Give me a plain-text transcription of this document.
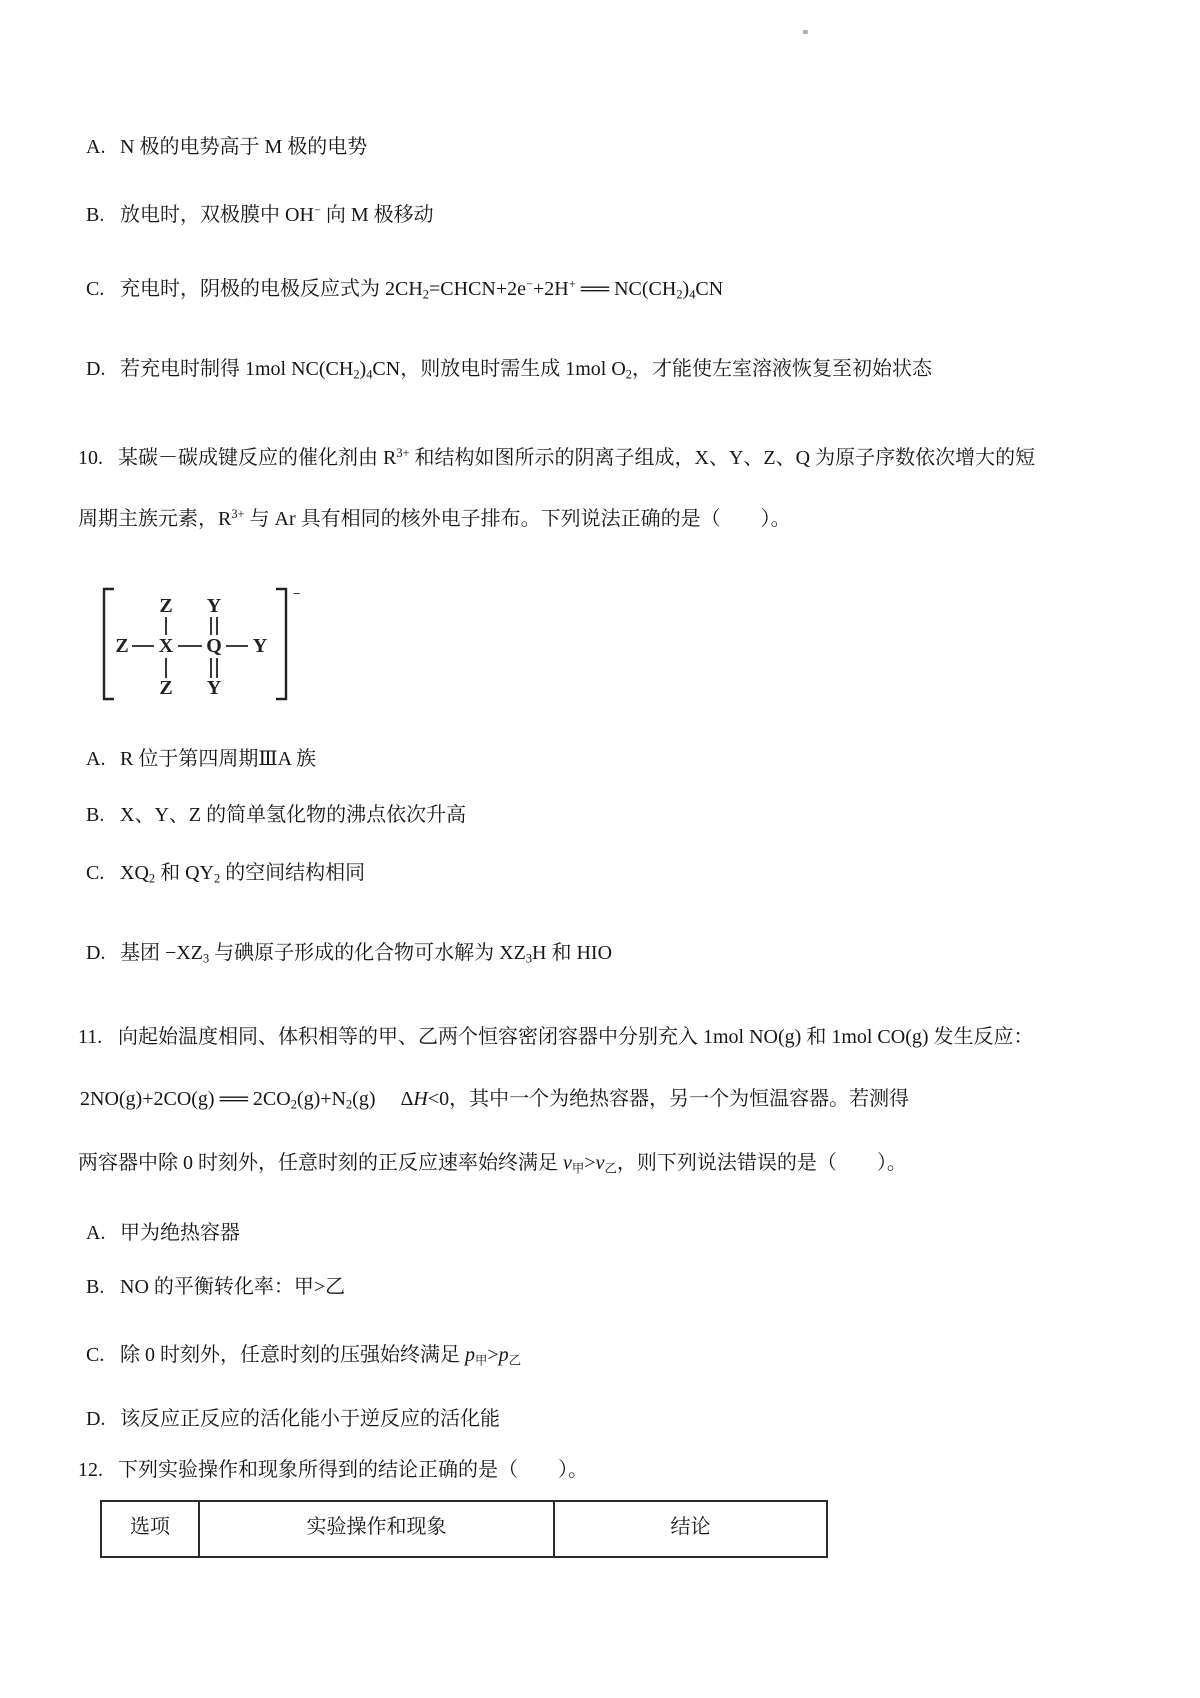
A. N 极的电势高于 M 极的电势
B. 放电时，双极膜中 OH− 向 M 极移动
C. 充电时，阴极的电极反应式为 $2CH_2=CHCN+2e^-+2H^+$ ══ $NC(CH_2)_4CN$
D. 若充电时制得 1mol $NC(CH_2)_4CN$，则放电时需生成 1mol $O_2$，才能使左室溶液恢复至初始状态
10. 某碳－碳成键反应的催化剂由 $R^{3+}$ 和结构如图所示的阴离子组成，X、Y、Z、Q 为原子序数依次增大的短
周期主族元素，$R^{3+}$ 与 Ar 具有相同的核外电子排布。下列说法正确的是（　　）。
−
Z Y
Z X Q Y
Z Y
A. R 位于第四周期ⅢA 族
B. X、Y、Z 的简单氢化物的沸点依次升高
C. $XQ_2$ 和 $QY_2$ 的空间结构相同
D. 基团 $-XZ_3$ 与碘原子形成的化合物可水解为 $XZ_3H$ 和 HIO
11. 向起始温度相同、体积相等的甲、乙两个恒容密闭容器中分别充入 1mol NO(g) 和 1mol CO(g) 发生反应：
2NO(g)+2CO(g) ══ $2CO_2(g)+N_2(g)$　 ΔH<0，其中一个为绝热容器，另一个为恒温容器。若测得
两容器中除 0 时刻外，任意时刻的正反应速率始终满足 $v_甲>v_乙$，则下列说法错误的是（　　）。
A. 甲为绝热容器
B. NO 的平衡转化率：甲>乙
C. 除 0 时刻外，任意时刻的压强始终满足 $p_甲>p_乙$
D. 该反应正反应的活化能小于逆反应的活化能
12. 下列实验操作和现象所得到的结论正确的是（　　）。
选项	实验操作和现象	结论
